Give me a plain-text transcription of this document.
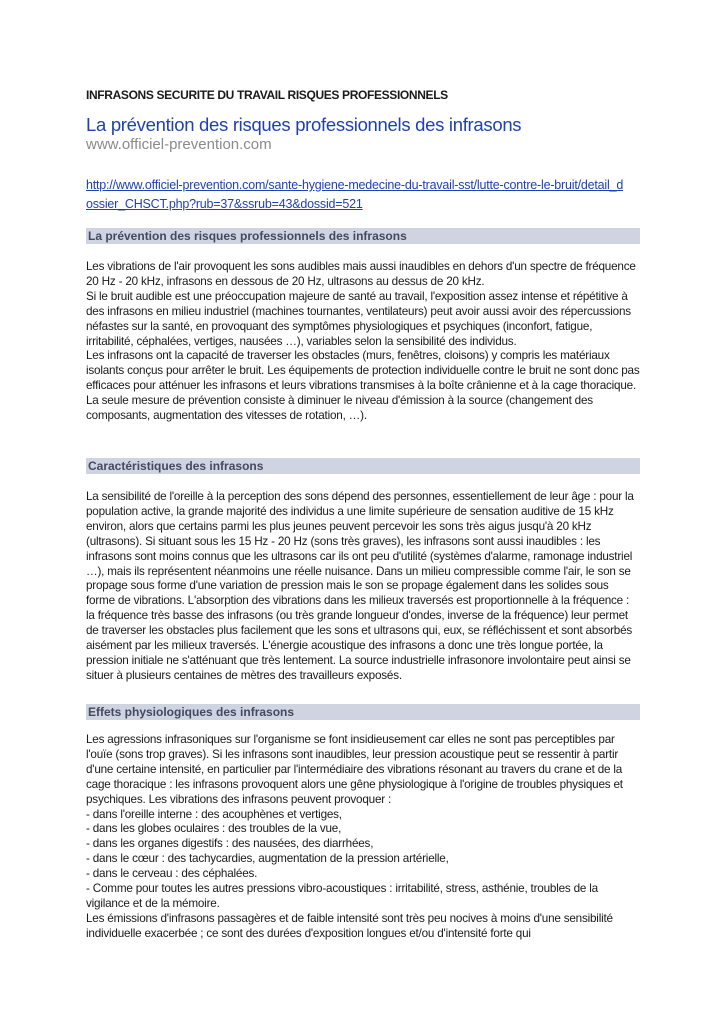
INFRASONS SECURITE DU TRAVAIL RISQUES PROFESSIONNELS
La prévention des risques professionnels des infrasons
www.officiel-prevention.com
http://www.officiel-prevention.com/sante-hygiene-medecine-du-travail-sst/lutte-contre-le-bruit/detail_dossier_CHSCT.php?rub=37&ssrub=43&dossid=521
La prévention des risques professionnels des infrasons

Les vibrations de l'air provoquent les sons audibles mais aussi inaudibles en dehors d'un spectre de fréquence 20 Hz - 20 kHz, infrasons en dessous de 20 Hz, ultrasons au dessus de 20 kHz.

Si le bruit audible est une préoccupation majeure de santé au travail, l'exposition assez intense et répétitive à des infrasons en milieu industriel (machines tournantes, ventilateurs) peut avoir aussi avoir des répercussions néfastes sur la santé, en provoquant des symptômes physiologiques et psychiques (inconfort, fatigue, irritabilité, céphalées, vertiges, nausées …), variables selon la sensibilité des individus.

Les infrasons ont la capacité de traverser les obstacles (murs, fenêtres, cloisons) y compris les matériaux isolants conçus pour arrêter le bruit. Les équipements de protection individuelle contre le bruit ne sont donc pas efficaces pour atténuer les infrasons et leurs vibrations transmises à la boîte crânienne et à la cage thoracique.

La seule mesure de prévention consiste à diminuer le niveau d'émission à la source (changement des composants, augmentation des vitesses de rotation, …).

Caractéristiques des infrasons

La sensibilité de l'oreille à la perception des sons dépend des personnes, essentiellement de leur âge : pour la population active, la grande majorité des individus a une limite supérieure de sensation auditive de 15 kHz environ, alors que certains parmi les plus jeunes peuvent percevoir les sons très aigus jusqu'à 20 kHz (ultrasons). Si situant sous les 15 Hz - 20 Hz (sons très graves), les infrasons sont aussi inaudibles : les infrasons sont moins connus que les ultrasons car ils ont peu d'utilité (systèmes d'alarme, ramonage industriel …), mais ils représentent néanmoins une réelle nuisance. Dans un milieu compressible comme l'air, le son se propage sous forme d'une variation de pression mais le son se propage également dans les solides sous forme de vibrations. L'absorption des vibrations dans les milieux traversés est proportionnelle à la fréquence : la fréquence très basse des infrasons (ou très grande longueur d'ondes, inverse de la fréquence) leur permet de traverser les obstacles plus facilement que les sons et ultrasons qui, eux, se réfléchissent et sont absorbés aisément par les milieux traversés. L'énergie acoustique des infrasons a donc une très longue portée, la pression initiale ne s'atténuant que très lentement. La source industrielle infrasonore involontaire peut ainsi se situer à plusieurs centaines de mètres des travailleurs exposés.

Effets physiologiques des infrasons

Les agressions infrasoniques sur l'organisme se font insidieusement car elles ne sont pas perceptibles par l'ouïe (sons trop graves). Si les infrasons sont inaudibles, leur pression acoustique peut se ressentir à partir d'une certaine intensité, en particulier par l'intermédiaire des vibrations résonant au travers du crane et de la cage thoracique : les infrasons provoquent alors une gêne physiologique à l'origine de troubles physiques et psychiques. Les vibrations des infrasons peuvent provoquer :

- dans l'oreille interne : des acouphènes et vertiges,

- dans les globes oculaires : des troubles de la vue,

- dans les organes digestifs : des nausées, des diarrhées,

- dans le cœur : des tachycardies, augmentation de la pression artérielle,

- dans le cerveau : des céphalées.

- Comme pour toutes les autres pressions vibro-acoustiques : irritabilité, stress, asthénie, troubles de la vigilance et de la mémoire.

Les émissions d'infrasons passagères et de faible intensité sont très peu nocives à moins d'une sensibilité individuelle exacerbée ; ce sont des durées d'exposition longues et/ou d'intensité forte qui
